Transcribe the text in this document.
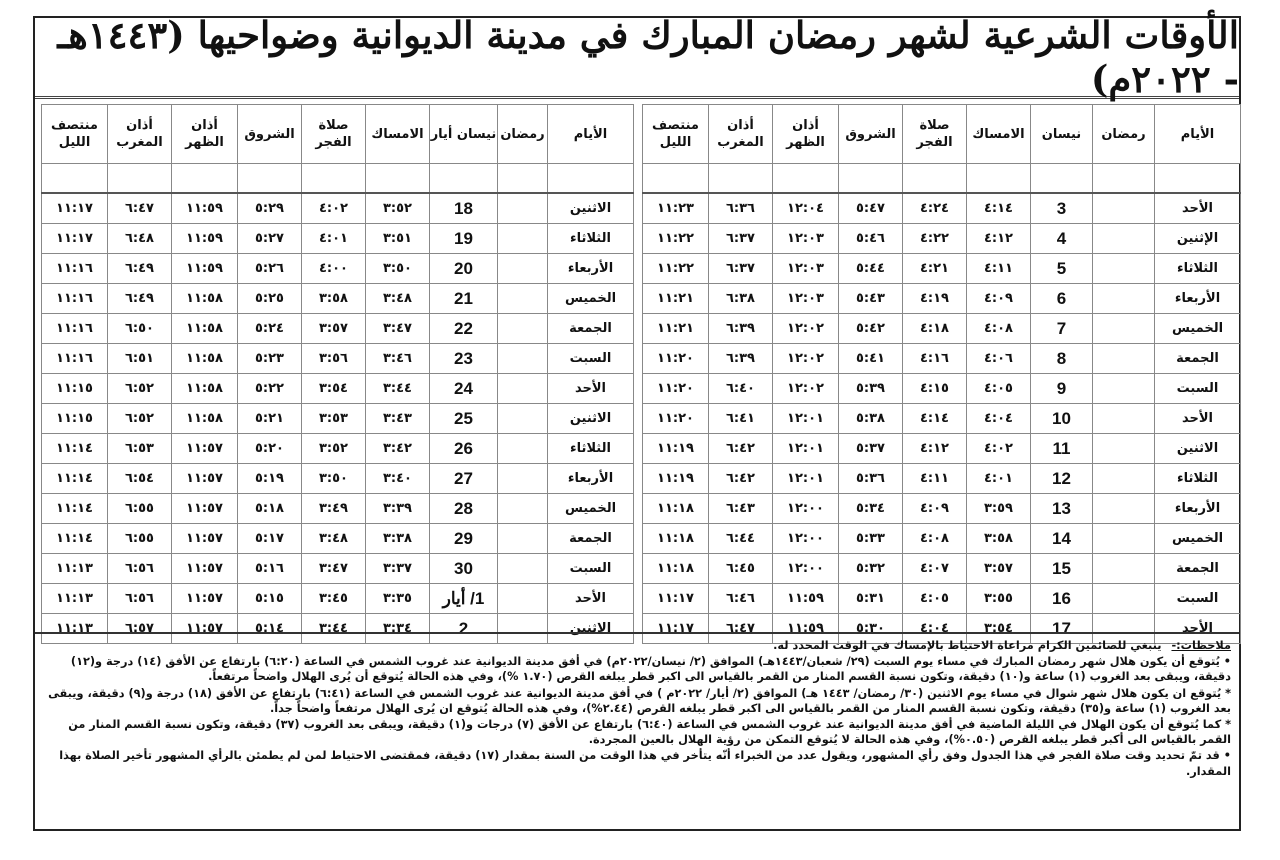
الأوقات الشرعية لشهر رمضان المبارك في مدينة الديوانية وضواحيها (١٤٤٣هـ - ٢٠٢٢م)
الأيام	رمضان	نيسان	الامساك	صلاة الفجر	الشروق	أذان الظهر	أذان المغرب	منتصف الليل

الأحد		3	٤:١٤	٤:٢٤	٥:٤٧	١٢:٠٤	٦:٣٦	١١:٢٣
الإثنين		4	٤:١٢	٤:٢٢	٥:٤٦	١٢:٠٣	٦:٣٧	١١:٢٢
الثلاثاء		5	٤:١١	٤:٢١	٥:٤٤	١٢:٠٣	٦:٣٧	١١:٢٢
الأربعاء		6	٤:٠٩	٤:١٩	٥:٤٣	١٢:٠٣	٦:٣٨	١١:٢١
الخميس		7	٤:٠٨	٤:١٨	٥:٤٢	١٢:٠٢	٦:٣٩	١١:٢١
الجمعة		8	٤:٠٦	٤:١٦	٥:٤١	١٢:٠٢	٦:٣٩	١١:٢٠
السبت		9	٤:٠٥	٤:١٥	٥:٣٩	١٢:٠٢	٦:٤٠	١١:٢٠
الأحد		10	٤:٠٤	٤:١٤	٥:٣٨	١٢:٠١	٦:٤١	١١:٢٠
الاثنين		11	٤:٠٢	٤:١٢	٥:٣٧	١٢:٠١	٦:٤٢	١١:١٩
الثلاثاء		12	٤:٠١	٤:١١	٥:٣٦	١٢:٠١	٦:٤٢	١١:١٩
الأربعاء		13	٣:٥٩	٤:٠٩	٥:٣٤	١٢:٠٠	٦:٤٣	١١:١٨
الخميس		14	٣:٥٨	٤:٠٨	٥:٣٣	١٢:٠٠	٦:٤٤	١١:١٨
الجمعة		15	٣:٥٧	٤:٠٧	٥:٣٢	١٢:٠٠	٦:٤٥	١١:١٨
السبت		16	٣:٥٥	٤:٠٥	٥:٣١	١١:٥٩	٦:٤٦	١١:١٧
الأحد		17	٣:٥٤	٤:٠٤	٥:٣٠	١١:٥٩	٦:٤٧	١١:١٧
الأيام	رمضان	نيسان أيار	الامساك	صلاة الفجر	الشروق	أذان الظهر	أذان المغرب	منتصف الليل

الاثنين		18	٣:٥٢	٤:٠٢	٥:٢٩	١١:٥٩	٦:٤٧	١١:١٧
الثلاثاء		19	٣:٥١	٤:٠١	٥:٢٧	١١:٥٩	٦:٤٨	١١:١٧
الأربعاء		20	٣:٥٠	٤:٠٠	٥:٢٦	١١:٥٩	٦:٤٩	١١:١٦
الخميس		21	٣:٤٨	٣:٥٨	٥:٢٥	١١:٥٨	٦:٤٩	١١:١٦
الجمعة		22	٣:٤٧	٣:٥٧	٥:٢٤	١١:٥٨	٦:٥٠	١١:١٦
السبت		23	٣:٤٦	٣:٥٦	٥:٢٣	١١:٥٨	٦:٥١	١١:١٦
الأحد		24	٣:٤٤	٣:٥٤	٥:٢٢	١١:٥٨	٦:٥٢	١١:١٥
الاثنين		25	٣:٤٣	٣:٥٣	٥:٢١	١١:٥٨	٦:٥٢	١١:١٥
الثلاثاء		26	٣:٤٢	٣:٥٢	٥:٢٠	١١:٥٧	٦:٥٣	١١:١٤
الأربعاء		27	٣:٤٠	٣:٥٠	٥:١٩	١١:٥٧	٦:٥٤	١١:١٤
الخميس		28	٣:٣٩	٣:٤٩	٥:١٨	١١:٥٧	٦:٥٥	١١:١٤
الجمعة		29	٣:٣٨	٣:٤٨	٥:١٧	١١:٥٧	٦:٥٥	١١:١٤
السبت		30	٣:٣٧	٣:٤٧	٥:١٦	١١:٥٧	٦:٥٦	١١:١٣
الأحد		1/ أيار	٣:٣٥	٣:٤٥	٥:١٥	١١:٥٧	٦:٥٦	١١:١٣
الاثنين		2	٣:٣٤	٣:٤٤	٥:١٤	١١:٥٧	٦:٥٧	١١:١٣

ملاحظات:- ينبغي للصائمين الكرام مراعاة الاحتياط بالإمساك في الوقت المحدد له.

• يُتوقع أن يكون هلال شهر رمضان المبارك في مساء يوم السبت (٢٩/ شعبان/١٤٤٣هـ) الموافق (٢/ نيسان/٢٠٢٢م) في أفق مدينة الديوانية عند غروب الشمس في الساعة (٦:٢٠) بارتفاع عن الأفق (١٤) درجة و(١٢) دقيقة، ويبقى بعد الغروب (١) ساعة و(١٠) دقيقة، وتكون نسبة القسم المنار من القمر بالقياس الى اكبر قطر يبلغه القرص (١.٧٠ %)، وفي هذه الحالة يُتوقع أن يُرى الهلال واضحاً مرتفعاً.

* يُتوقع ان يكون هلال شهر شوال في مساء يوم الاثنين (٣٠/ رمضان/ ١٤٤٣ هـ) الموافق (٢/ أيار/ ٢٠٢٢م ) في أفق مدينة الديوانية عند غروب الشمس في الساعة (٦:٤١) بارتفاع عن الأفق (١٨) درجة و(٩) دقيقة، ويبقى بعد الغروب (١) ساعة و(٣٥) دقيقة، وتكون نسبة القسم المنار من القمر بالقياس الى اكبر قطر يبلغه القرص (٢.٤٤%)، وفي هذه الحالة يُتوقع ان يُرى الهلال مرتفعاً واضحاً جداً.

* كما يُتوقع أن يكون الهلال في الليلة الماضية في أفق مدينة الديوانية عند غروب الشمس في الساعة (٦:٤٠) بارتفاع عن الأفق (٧) درجات و(١) دقيقة، ويبقى بعد الغروب (٣٧) دقيقة، وتكون نسبة القسم المنار من القمر بالقياس الى أكبر قطر يبلغه القرص (٠.٥٠%)، وفي هذه الحالة لا يُتوقع التمكن من رؤية الهلال بالعين المجردة.

• قد تمّ تحديد وقت صلاة الفجر في هذا الجدول وفق رأي المشهور، ويقول عدد من الخبراء أنّه يتأخر في هذا الوقت من السنة بمقدار (١٧) دقيقة، فمقتضى الاحتياط لمن لم يطمئن بالرأي المشهور تأخير الصلاة بهذا المقدار.
